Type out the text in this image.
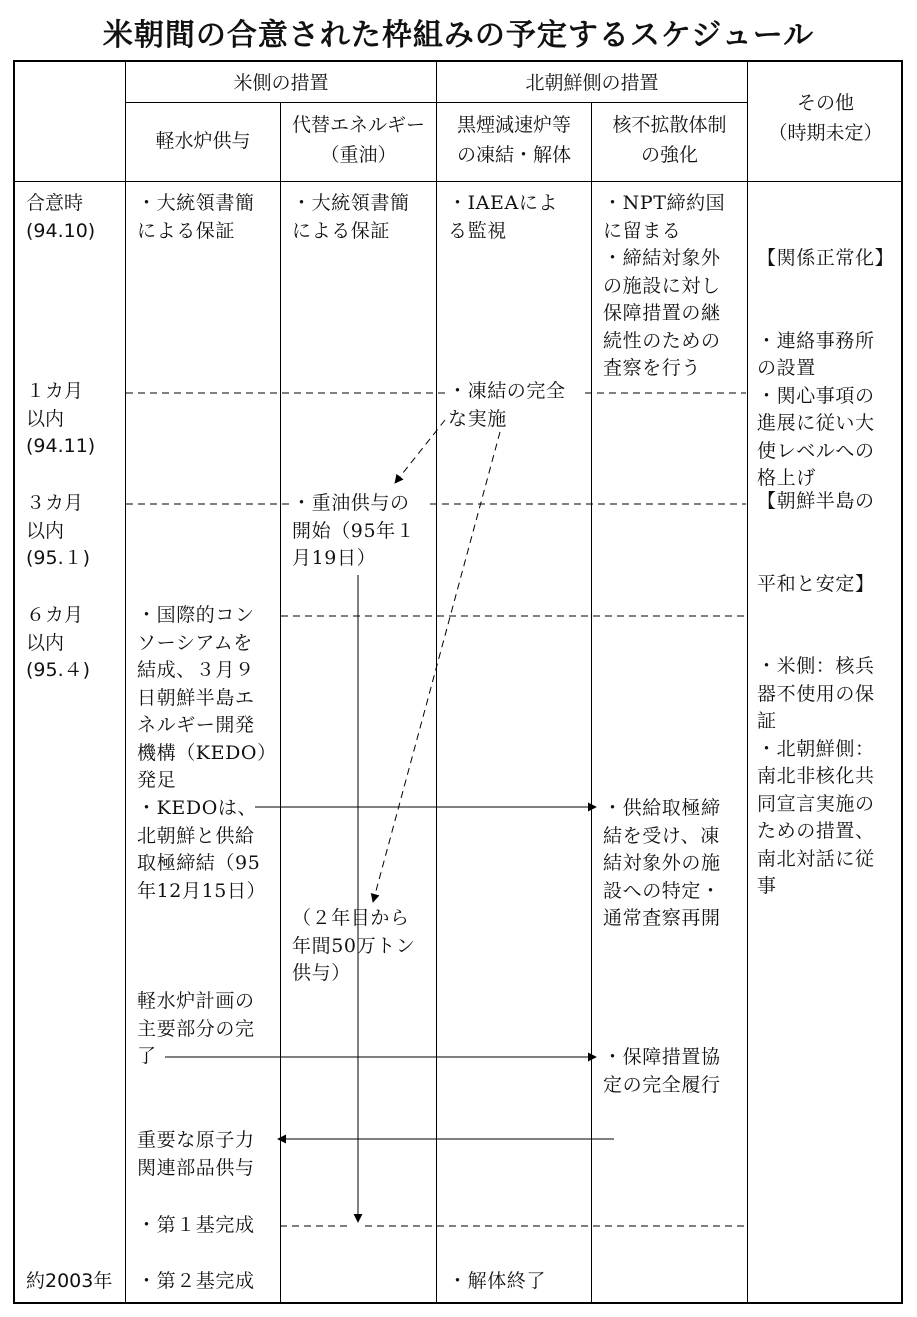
米朝間の合意された枠組みの予定するスケジュール
米側の措置	北朝鮮側の措置
その他
（時期未定）
軽水炉供与
代替エネルギー
（重油）
黒煙減速炉等
の凍結・解体
核不拡散体制
の強化
合意時
(94.10)
１カ月
以内
(94.11)
３カ月
以内
(95.１)
６カ月
以内
(95.４)
約2003年
・大統領書簡
による保証
・国際的コン
ソーシアムを
結成、３月９
日朝鮮半島エ
ネルギー開発
機構（KEDO）
発足
・KEDOは、
北朝鮮と供給
取極締結（95
年12月15日）
軽水炉計画の
主要部分の完
了
重要な原子力
関連部品供与
・第１基完成
・第２基完成
・大統領書簡
による保証
・重油供与の
開始（95年１
月19日）
（２年目から
年間50万トン
供与）
・IAEAによ
る監視
・凍結の完全
な実施
・解体終了
・NPT締約国
に留まる
・締結対象外
の施設に対し
保障措置の継
続性のための
査察を行う
・供給取極締
結を受け、凍
結対象外の施
設への特定・
通常査察再開
・保障措置協
定の完全履行

【関係正常化】

・連絡事務所
の設置
・関心事項の
進展に従い大
使レベルへの
格上げ

【朝鮮半島の

平和と安定】

・米側：核兵
器不使用の保
証
・北朝鮮側：
南北非核化共
同宣言実施の
ための措置、
南北対話に従
事
